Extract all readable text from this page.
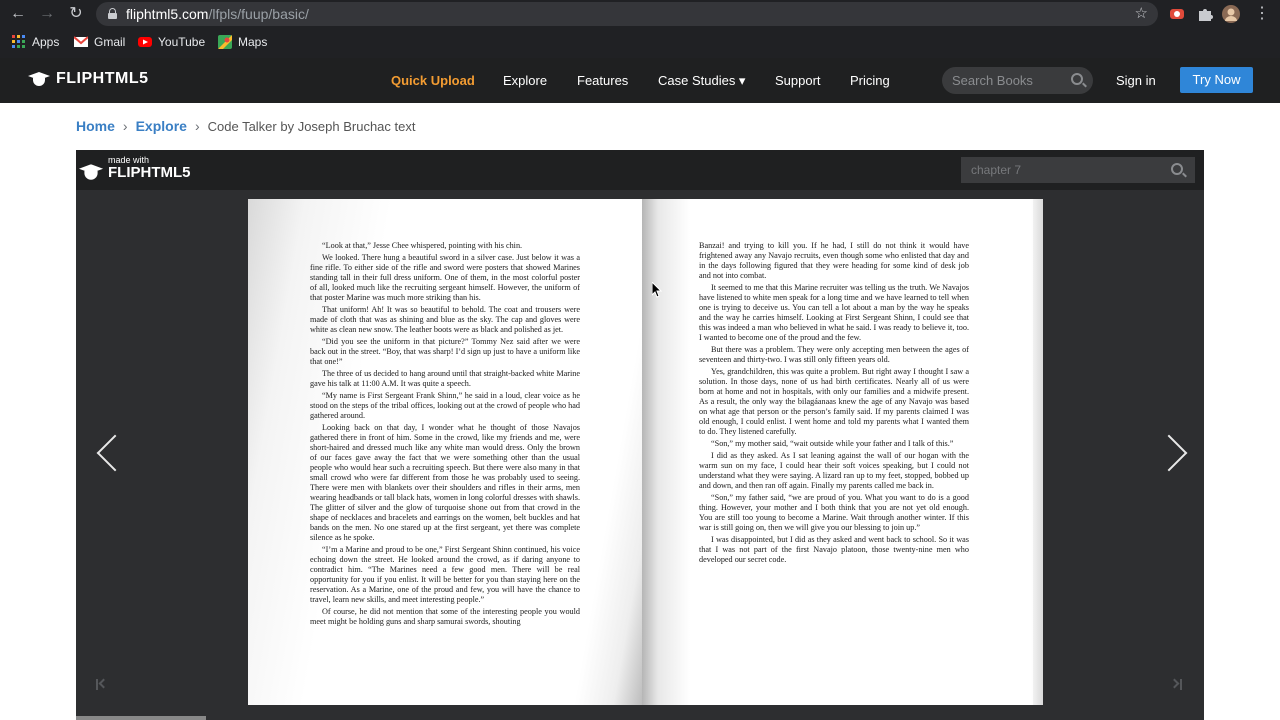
← → ↻	fliphtml5.com/lfpls/fuup/basic/	☆	⋮
Apps	Gmail	YouTube	Maps
FLIPHTML5	Quick Upload Explore Features Case Studies ▾ Support Pricing
Search Books	Sign in	Try Now
Home › Explore › Code Talker by Joseph Bruchac text
made with
FLIPHTML5
chapter 7

“Look at that,” Jesse Chee whispered, pointing with his chin.

We looked. There hung a beautiful sword in a silver case. Just below it was a fine rifle. To either side of the rifle and sword were posters that showed Marines standing tall in their full dress uniform. One of them, in the most colorful poster of all, looked much like the recruiting sergeant himself. However, the uniform of that poster Marine was much more striking than his.

That uniform! Ah! It was so beautiful to behold. The coat and trousers were made of cloth that was as shining and blue as the sky. The cap and gloves were white as clean new snow. The leather boots were as black and polished as jet.

“Did you see the uniform in that picture?” Tommy Nez said after we were back out in the street. “Boy, that was sharp! I’d sign up just to have a uniform like that one!”

The three of us decided to hang around until that straight-backed white Marine gave his talk at 11:00 A.M. It was quite a speech.

“My name is First Sergeant Frank Shinn,” he said in a loud, clear voice as he stood on the steps of the tribal offices, looking out at the crowd of people who had gathered around.

Looking back on that day, I wonder what he thought of those Navajos gathered there in front of him. Some in the crowd, like my friends and me, were short-haired and dressed much like any white man would dress. Only the brown of our faces gave away the fact that we were something other than the usual people who would hear such a recruiting speech. But there were also many in that small crowd who were far different from those he was probably used to seeing. There were men with blankets over their shoulders and rifles in their arms, men wearing headbands or tall black hats, women in long colorful dresses with shawls. The glitter of silver and the glow of turquoise shone out from that crowd in the shape of necklaces and bracelets and earrings on the women, belt buckles and hat bands on the men. No one stared up at the first sergeant, yet there was complete silence as he spoke.

“I’m a Marine and proud to be one,” First Sergeant Shinn continued, his voice echoing down the street. He looked around the crowd, as if daring anyone to contradict him. “The Marines need a few good men. There will be real opportunity for you if you enlist. It will be better for you than staying here on the reservation. As a Marine, one of the proud and few, you will have the chance to travel, learn new skills, and meet interesting people.”

Of course, he did not mention that some of the interesting people you would meet might be holding guns and sharp samurai swords, shouting

Banzai! and trying to kill you. If he had, I still do not think it would have frightened away any Navajo recruits, even though some who enlisted that day and in the days following figured that they were heading for some kind of desk job and not into combat.

It seemed to me that this Marine recruiter was telling us the truth. We Navajos have listened to white men speak for a long time and we have learned to tell when one is trying to deceive us. You can tell a lot about a man by the way he speaks and the way he carries himself. Looking at First Sergeant Shinn, I could see that this was indeed a man who believed in what he said. I was ready to believe it, too. I wanted to become one of the proud and the few.

But there was a problem. They were only accepting men between the ages of seventeen and thirty-two. I was still only fifteen years old.

Yes, grandchildren, this was quite a problem. But right away I thought I saw a solution. In those days, none of us had birth certificates. Nearly all of us were born at home and not in hospitals, with only our families and a midwife present. As a result, the only way the bilagáanaas knew the age of any Navajo was based on what age that person or the person’s family said. If my parents claimed I was old enough, I could enlist. I went home and told my parents what I wanted them to do. They listened carefully.

“Son,” my mother said, “wait outside while your father and I talk of this.”

I did as they asked. As I sat leaning against the wall of our hogan with the warm sun on my face, I could hear their soft voices speaking, but I could not understand what they were saying. A lizard ran up to my feet, stopped, bobbed up and down, and then ran off again. Finally my parents called me back in.

“Son,” my father said, “we are proud of you. What you want to do is a good thing. However, your mother and I both think that you are not yet old enough. You are still too young to become a Marine. Wait through another winter. If this war is still going on, then we will give you our blessing to join up.”

I was disappointed, but I did as they asked and went back to school. So it was that I was not part of the first Navajo platoon, those twenty-nine men who developed our secret code.
